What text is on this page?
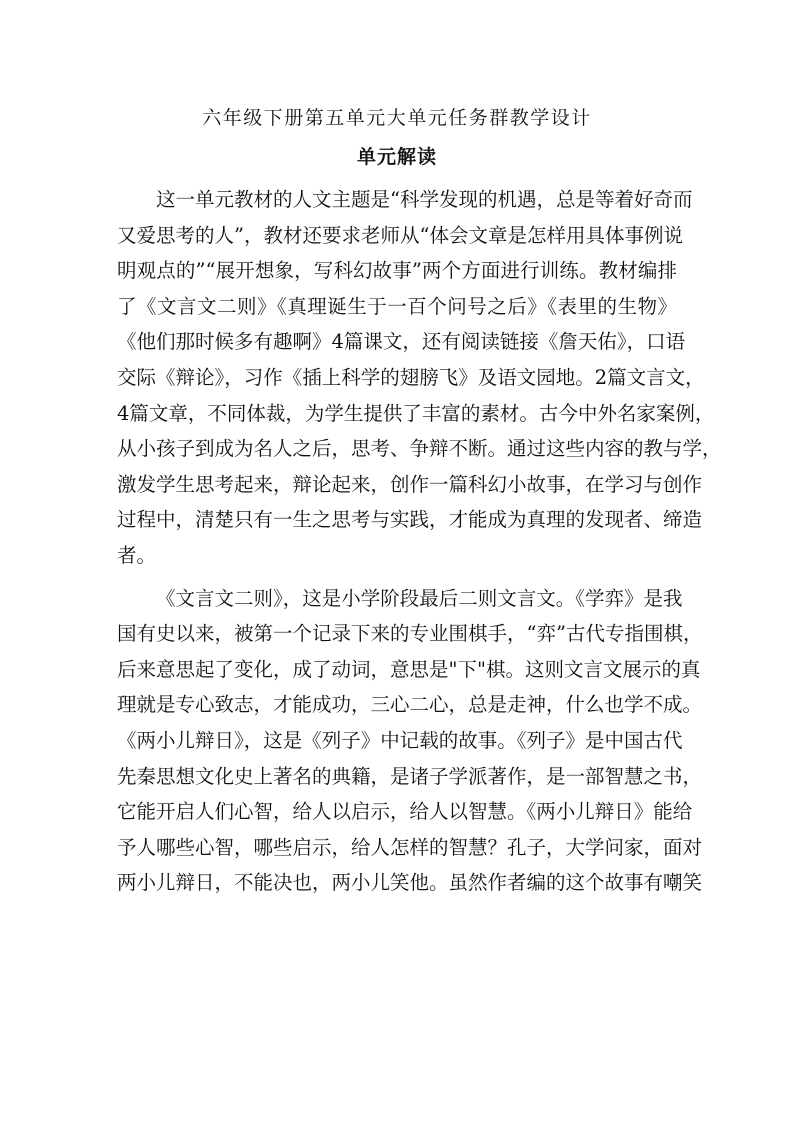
六年级下册第五单元大单元任务群教学设计
单元解读
这一单元教材的人文主题是“科学发现的机遇，总是等着好奇而
又爱思考的人”，教材还要求老师从“体会文章是怎样用具体事例说
明观点的”“展开想象，写科幻故事”两个方面进行训练。教材编排
了《文言文二则》《真理诞生于一百个问号之后》《表里的生物》
《他们那时候多有趣啊》4篇课文，还有阅读链接《詹天佑》，口语
交际《辩论》，习作《插上科学的翅膀飞》及语文园地。2篇文言文，
4篇文章，不同体裁，为学生提供了丰富的素材。古今中外名家案例，
从小孩子到成为名人之后，思考、争辩不断。通过这些内容的教与学，
激发学生思考起来，辩论起来，创作一篇科幻小故事，在学习与创作
过程中，清楚只有一生之思考与实践，才能成为真理的发现者、缔造
者。
《文言文二则》，这是小学阶段最后二则文言文。《学弈》是我
国有史以来，被第一个记录下来的专业围棋手，“弈”古代专指围棋，
后来意思起了变化，成了动词，意思是"下"棋。这则文言文展示的真
理就是专心致志，才能成功，三心二心，总是走神，什么也学不成。
《两小儿辩日》，这是《列子》中记载的故事。《列子》是中国古代
先秦思想文化史上著名的典籍，是诸子学派著作，是一部智慧之书，
它能开启人们心智，给人以启示，给人以智慧。《两小儿辩日》能给
予人哪些心智，哪些启示，给人怎样的智慧？孔子，大学问家，面对
两小儿辩日，不能决也，两小儿笑他。虽然作者编的这个故事有嘲笑
